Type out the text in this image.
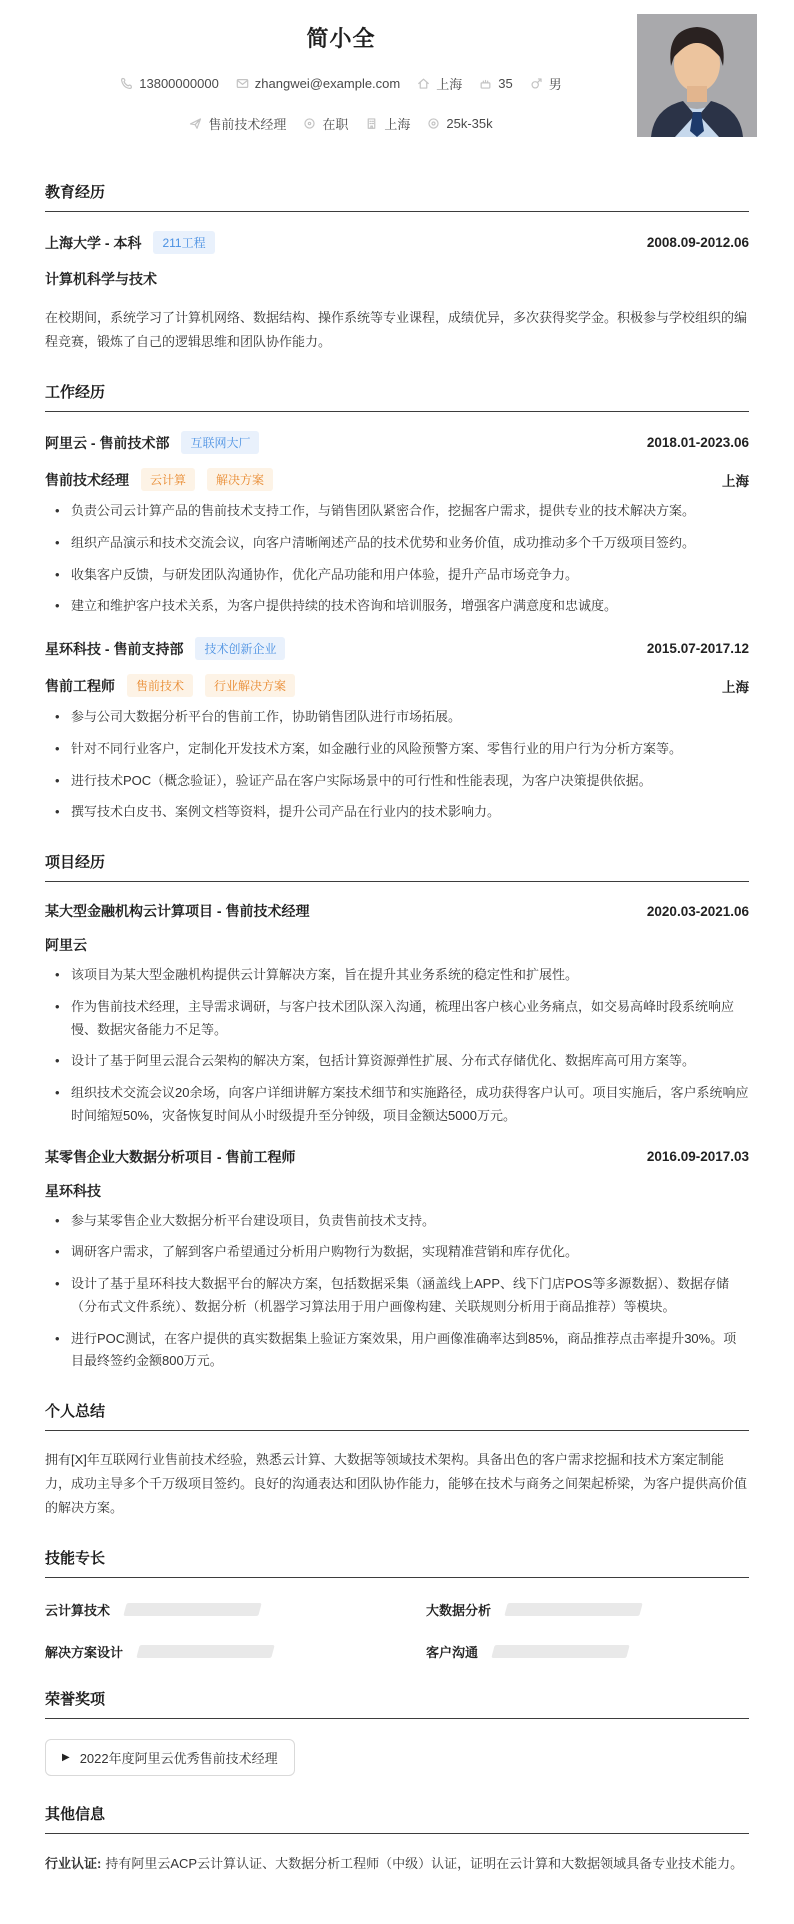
简小全
13800000000	zhangwei@example.com	上海	35	男
售前技术经理	在职	上海	25k-35k
教育经历
上海大学 - 本科	211工程	2008.09-2012.06
计算机科学与技术
在校期间，系统学习了计算机网络、数据结构、操作系统等专业课程，成绩优异，多次获得奖学金。积极参与学校组织的编程竞赛，锻炼了自己的逻辑思维和团队协作能力。
工作经历
阿里云 - 售前技术部	互联网大厂	2018.01-2023.06
售前技术经理	云计算	解决方案	上海
• 负责公司云计算产品的售前技术支持工作，与销售团队紧密合作，挖掘客户需求，提供专业的技术解决方案。
• 组织产品演示和技术交流会议，向客户清晰阐述产品的技术优势和业务价值，成功推动多个千万级项目签约。
• 收集客户反馈，与研发团队沟通协作，优化产品功能和用户体验，提升产品市场竞争力。
• 建立和维护客户技术关系，为客户提供持续的技术咨询和培训服务，增强客户满意度和忠诚度。
星环科技 - 售前支持部	技术创新企业	2015.07-2017.12
售前工程师	售前技术	行业解决方案	上海
• 参与公司大数据分析平台的售前工作，协助销售团队进行市场拓展。
• 针对不同行业客户，定制化开发技术方案，如金融行业的风险预警方案、零售行业的用户行为分析方案等。
• 进行技术POC（概念验证），验证产品在客户实际场景中的可行性和性能表现，为客户决策提供依据。
• 撰写技术白皮书、案例文档等资料，提升公司产品在行业内的技术影响力。
项目经历
某大型金融机构云计算项目 - 售前技术经理	2020.03-2021.06
阿里云
• 该项目为某大型金融机构提供云计算解决方案，旨在提升其业务系统的稳定性和扩展性。
• 作为售前技术经理，主导需求调研，与客户技术团队深入沟通，梳理出客户核心业务痛点，如交易高峰时段系统响应慢、数据灾备能力不足等。
• 设计了基于阿里云混合云架构的解决方案，包括计算资源弹性扩展、分布式存储优化、数据库高可用方案等。
• 组织技术交流会议20余场，向客户详细讲解方案技术细节和实施路径，成功获得客户认可。项目实施后，客户系统响应时间缩短50%，灾备恢复时间从小时级提升至分钟级，项目金额达5000万元。
某零售企业大数据分析项目 - 售前工程师	2016.09-2017.03
星环科技
• 参与某零售企业大数据分析平台建设项目，负责售前技术支持。
• 调研客户需求，了解到客户希望通过分析用户购物行为数据，实现精准营销和库存优化。
• 设计了基于星环科技大数据平台的解决方案，包括数据采集（涵盖线上APP、线下门店POS等多源数据）、数据存储（分布式文件系统）、数据分析（机器学习算法用于用户画像构建、关联规则分析用于商品推荐）等模块。
• 进行POC测试，在客户提供的真实数据集上验证方案效果，用户画像准确率达到85%，商品推荐点击率提升30%。项目最终签约金额800万元。
个人总结
拥有[X]年互联网行业售前技术经验，熟悉云计算、大数据等领域技术架构。具备出色的客户需求挖掘和技术方案定制能力，成功主导多个千万级项目签约。良好的沟通表达和团队协作能力，能够在技术与商务之间架起桥梁，为客户提供高价值的解决方案。
技能专长
云计算技术	大数据分析
解决方案设计	客户沟通
荣誉奖项
▶ 2022年度阿里云优秀售前技术经理
其他信息
行业认证: 持有阿里云ACP云计算认证、大数据分析工程师（中级）认证，证明在云计算和大数据领域具备专业技术能力。
